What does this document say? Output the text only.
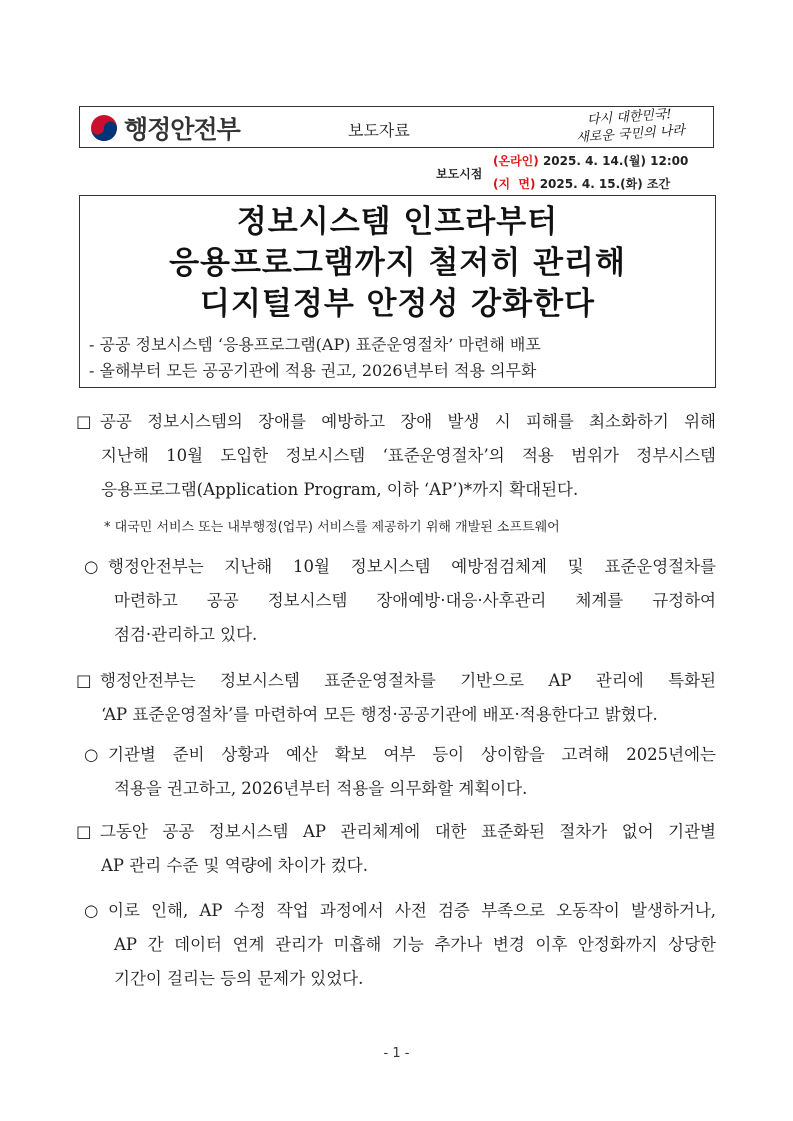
행정안전부	보도자료
다시 대한민국!
새로운 국민의 나라
보도시점
(온라인) 2025. 4. 14.(월) 12:00
(지  면) 2025. 4. 15.(화) 조간
정보시스템 인프라부터
응용프로그램까지 철저히 관리해
디지털정부 안정성 강화한다
- 공공 정보시스템 ‘응용프로그램(AP) 표준운영절차’ 마련해 배포
- 올해부터 모든 공공기관에 적용 권고, 2026년부터 적용 의무화
□ 공공 정보시스템의 장애를 예방하고 장애 발생 시 피해를 최소화하기 위해
지난해 10월 도입한 정보시스템 ‘표준운영절차’의 적용 범위가 정부시스템
응용프로그램(Application Program, 이하 ‘AP’)*까지 확대된다.
* 대국민 서비스 또는 내부행정(업무) 서비스를 제공하기 위해 개발된 소프트웨어
○ 행정안전부는 지난해 10월 정보시스템 예방점검체계 및 표준운영절차를
마련하고 공공 정보시스템 장애예방·대응·사후관리 체계를 규정하여
점검·관리하고 있다.
□ 행정안전부는 정보시스템 표준운영절차를 기반으로 AP 관리에 특화된
‘AP 표준운영절차’를 마련하여 모든 행정·공공기관에 배포·적용한다고 밝혔다.
○ 기관별 준비 상황과 예산 확보 여부 등이 상이함을 고려해 2025년에는
적용을 권고하고, 2026년부터 적용을 의무화할 계획이다.
□ 그동안 공공 정보시스템 AP 관리체계에 대한 표준화된 절차가 없어 기관별
AP 관리 수준 및 역량에 차이가 컸다.
○ 이로 인해, AP 수정 작업 과정에서 사전 검증 부족으로 오동작이 발생하거나,
AP 간 데이터 연계 관리가 미흡해 기능 추가나 변경 이후 안정화까지 상당한
기간이 걸리는 등의 문제가 있었다.
- 1 -
